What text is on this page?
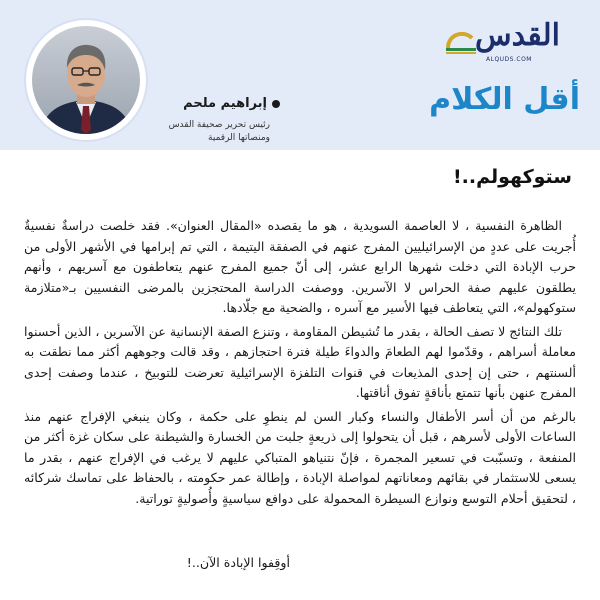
إبراهيم ملحم
رئيس تحرير صحيفة القدس
ومنصاتها الرقمية
القدس
ALQUDS.COM
أقل الكلام
ستوكهولم..!

الظاهرة النفسية ، لا العاصمة السويدية ، هو ما يقصده «المقال العنوان». فقد خلصت دراسةٌ نفسيةٌ أُجريت على عددٍ من الإسرائيليين المفرج عنهم في الصفقة اليتيمة ، التي تم إبرامها في الأشهر الأولى من حرب الإبادة التي دخلت شهرها الرابع عشر، إلى أنّ جميع المفرج عنهم يتعاطفون مع آسريهم ، وأنهم يطلقون عليهم صفة الحراس لا الآسرين. ووصفت الدراسة المحتجزين بالمرضى النفسيين بـ«متلازمة ستوكهولم»، التي يتعاطف فيها الأسير مع آسره ، والضحية مع جلّادها.

تلك النتائج لا تصف الحالة ، بقدر ما تُشيطن المقاومة ، وتنزع الصفة الإنسانية عن الآسرين ، الذين أحسنوا معاملة أسراهم ، وقدّموا لهم الطعامَ والدواءَ طيلة فترة احتجازهم ، وقد قالت وجوههم أكثر مما نطقت به ألسنتهم ، حتى إن إحدى المذيعات في قنوات التلفزة الإسرائيلية تعرضت للتوبيخ ، عندما وصفت إحدى المفرج عنهن بأنها تتمتع بأناقةٍ تفوق أناقتها.

بالرغم من أن أسر الأطفال والنساء وكبار السن لم ينطوِ على حكمة ، وكان ينبغي الإفراج عنهم منذ الساعات الأولى لأسرهم ، قبل أن يتحولوا إلى ذريعةٍ جلبت من الخسارة والشيطنة على سكان غزة أكثر من المنفعة ، وتسبّبت في تسعير المجمرة ، فإنّ نتنياهو المتباكي عليهم لا يرغب في الإفراج عنهم ، بقدر ما يسعى للاستثمار في بقائهم ومعاناتهم لمواصلة الإبادة ، وإطالة عمر حكومته ، بالحفاظ على تماسك شركائه ، لتحقيق أحلام التوسع ونوازع السيطرة المحمولة على دوافع سياسيةٍ وأُصوليةٍ توراتية.

أوقِفوا الإبادة الآن..!
